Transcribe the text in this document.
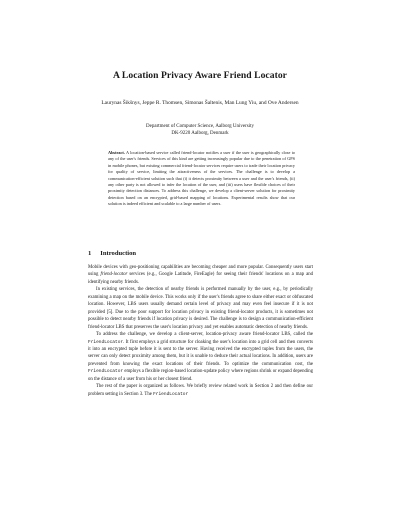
A Location Privacy Aware Friend Locator
Laurynas Šikšnys, Jeppe R. Thomsen, Simonas Šaltenis, Man Lung Yiu, and Ove Andersen
Department of Computer Science, Aalborg University
DK-9220 Aalborg, Denmark
Abstract. A location-based service called friend-locator notifies a user if the user is geographically close to any of the user's friends. Services of this kind are getting increasingly popular due to the penetration of GPS in mobile phones, but existing commercial friend-locator services require users to trade their location privacy for quality of service, limiting the attractiveness of the services. The challenge is to develop a communication-efficient solution such that (i) it detects proximity between a user and the user's friends, (ii) any other party is not allowed to infer the location of the user, and (iii) users have flexible choices of their proximity detection distances. To address this challenge, we develop a client-server solution for proximity detection based on an encrypted, grid-based mapping of locations. Experimental results show that our solution is indeed efficient and scalable to a large number of users.
1 Introduction

Mobile devices with geo-positioning capabilities are becoming cheaper and more popular. Consequently users start using friend-locator services (e.g., Google Latitude, FireEagle) for seeing their friends' locations on a map and identifying nearby friends.

In existing services, the detection of nearby friends is performed manually by the user, e.g., by periodically examining a map on the mobile device. This works only if the user's friends agree to share either exact or obfuscated location. However, LBS users usually demand certain level of privacy and may even feel insecure if it is not provided [5]. Due to the poor support for location privacy in existing friend-locator products, it is sometimes not possible to detect nearby friends if location privacy is desired. The challenge is to design a communication-efficient friend-locator LBS that preserves the user's location privacy and yet enables automatic detection of nearby friends.

To address the challenge, we develop a client-server, location-privacy aware friend-locator LBS, called the FriendLocator. It first employs a grid structure for cloaking the user's location into a grid cell and then converts it into an encrypted tuple before it is sent to the server. Having received the encrypted tuples from the users, the server can only detect proximity among them, but it is unable to deduce their actual locations. In addition, users are prevented from knowing the exact locations of their friends. To optimize the communication cost, the FriendLocator employs a flexible region-based location-update policy where regions shrink or expand depending on the distance of a user from his or her closest friend.

The rest of the paper is organized as follows. We briefly review related work in Section 2 and then define our problem setting in Section 3. The FriendLocator
